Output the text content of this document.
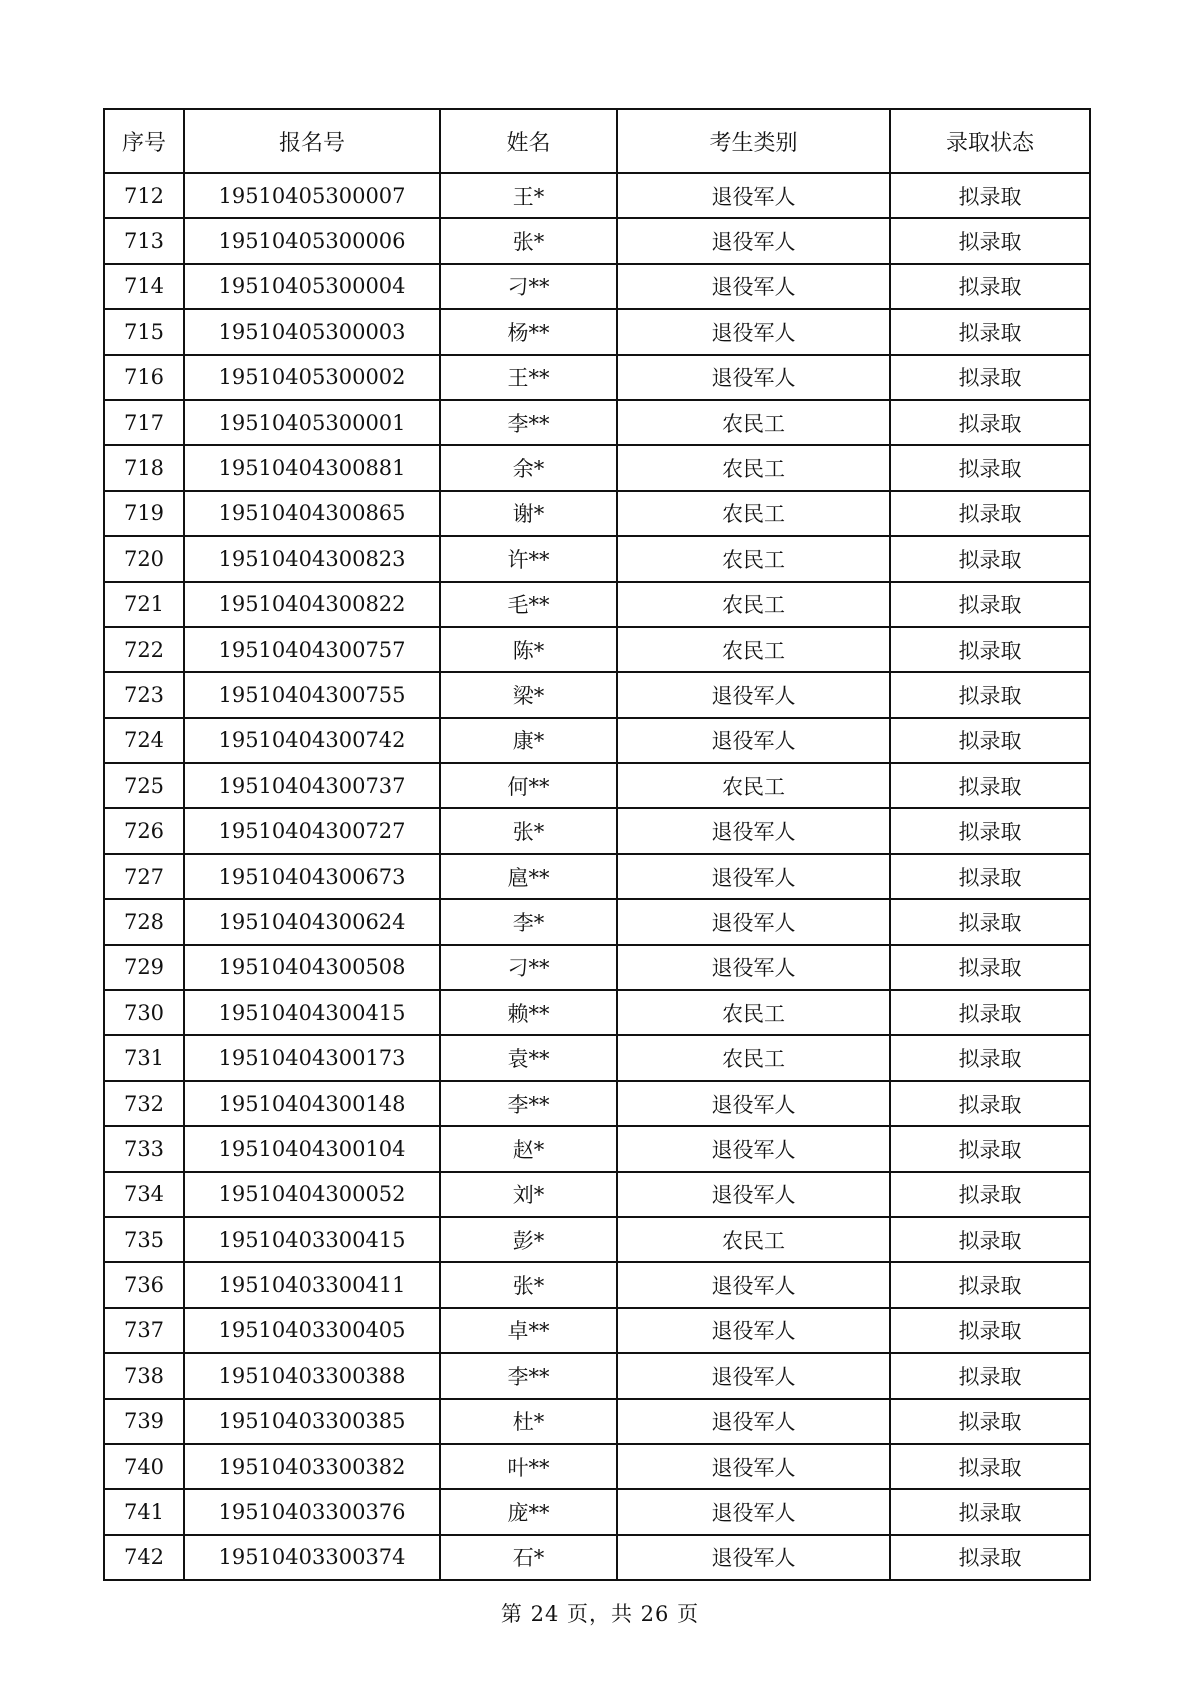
序号	报名号	姓名	考生类别	录取状态
712	19510405300007	王*	退役军人	拟录取
713	19510405300006	张*	退役军人	拟录取
714	19510405300004	刁**	退役军人	拟录取
715	19510405300003	杨**	退役军人	拟录取
716	19510405300002	王**	退役军人	拟录取
717	19510405300001	李**	农民工	拟录取
718	19510404300881	余*	农民工	拟录取
719	19510404300865	谢*	农民工	拟录取
720	19510404300823	许**	农民工	拟录取
721	19510404300822	毛**	农民工	拟录取
722	19510404300757	陈*	农民工	拟录取
723	19510404300755	梁*	退役军人	拟录取
724	19510404300742	康*	退役军人	拟录取
725	19510404300737	何**	农民工	拟录取
726	19510404300727	张*	退役军人	拟录取
727	19510404300673	扈**	退役军人	拟录取
728	19510404300624	李*	退役军人	拟录取
729	19510404300508	刁**	退役军人	拟录取
730	19510404300415	赖**	农民工	拟录取
731	19510404300173	袁**	农民工	拟录取
732	19510404300148	李**	退役军人	拟录取
733	19510404300104	赵*	退役军人	拟录取
734	19510404300052	刘*	退役军人	拟录取
735	19510403300415	彭*	农民工	拟录取
736	19510403300411	张*	退役军人	拟录取
737	19510403300405	卓**	退役军人	拟录取
738	19510403300388	李**	退役军人	拟录取
739	19510403300385	杜*	退役军人	拟录取
740	19510403300382	叶**	退役军人	拟录取
741	19510403300376	庞**	退役军人	拟录取
742	19510403300374	石*	退役军人	拟录取
第 24 页，共 26 页
